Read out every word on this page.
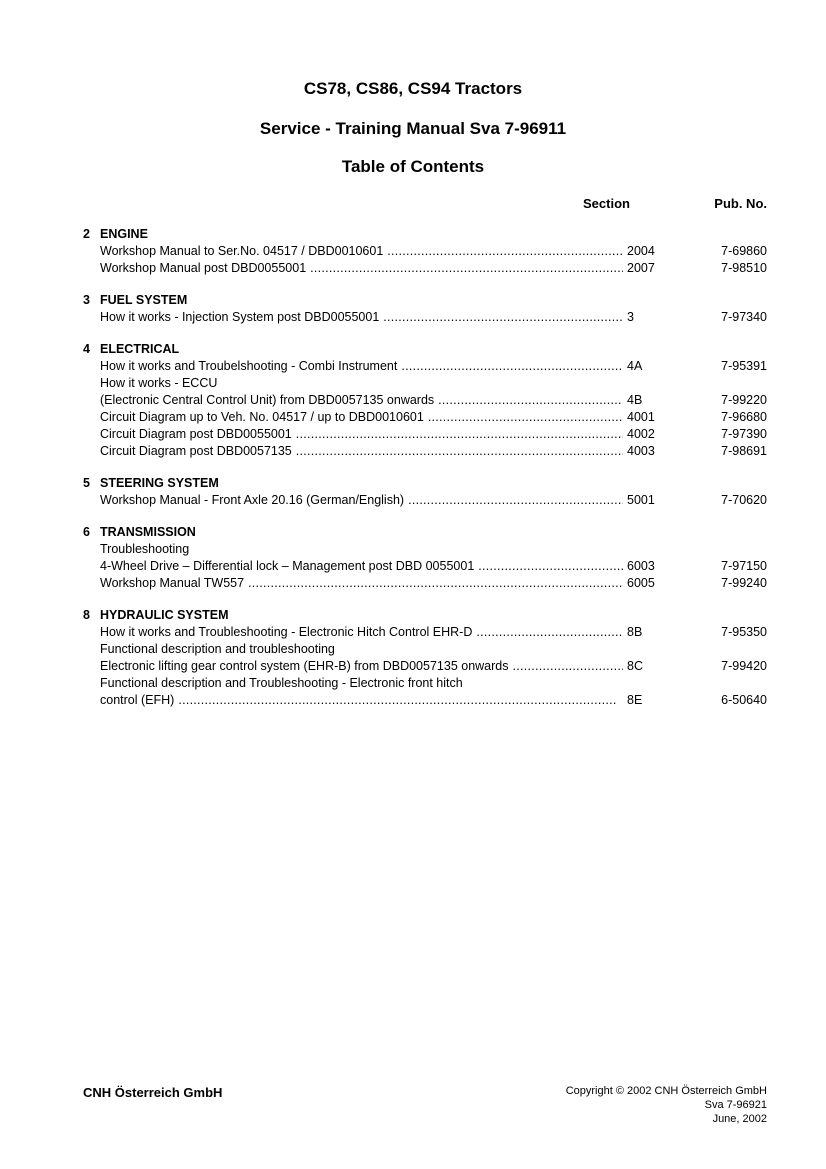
CS78, CS86, CS94 Tractors
Service - Training Manual Sva 7-96911
Table of Contents
Section	Pub. No.
2 ENGINE
Workshop Manual to Ser.No. 04517 / DBD0010601 . . .	2004	7-69860
Workshop Manual post DBD0055001 . . .	2007	7-98510
3 FUEL SYSTEM
How it works - Injection System post DBD0055001 . . .	3	7-97340
4 ELECTRICAL
How it works and Troubelshooting - Combi Instrument . . .	4A	7-95391
How it works - ECCU
(Electronic Central Control Unit) from DBD0057135 onwards . . .	4B	7-99220
Circuit Diagram up to Veh. No. 04517 / up to DBD0010601 . . .	4001	7-96680
Circuit Diagram post DBD0055001 . . .	4002	7-97390
Circuit Diagram post DBD0057135 . . .	4003	7-98691
5 STEERING SYSTEM
Workshop Manual - Front Axle 20.16 (German/English) . . .	5001	7-70620
6 TRANSMISSION
Troubleshooting
4-Wheel Drive – Differential lock – Management post DBD 0055001 . . .	6003	7-97150
Workshop Manual TW557 . . .	6005	7-99240
8 HYDRAULIC SYSTEM
How it works and Troubleshooting - Electronic Hitch Control EHR-D . . .	8B	7-95350
Functional description and troubleshooting
Electronic lifting gear control system (EHR-B) from DBD0057135 onwards . . .	8C	7-99420
Functional description and Troubleshooting - Electronic front hitch
control (EFH) . . .	8E	6-50640
CNH Österreich GmbH	Copyright © 2002 CNH Österreich GmbH
Sva 7-96921
June, 2002
